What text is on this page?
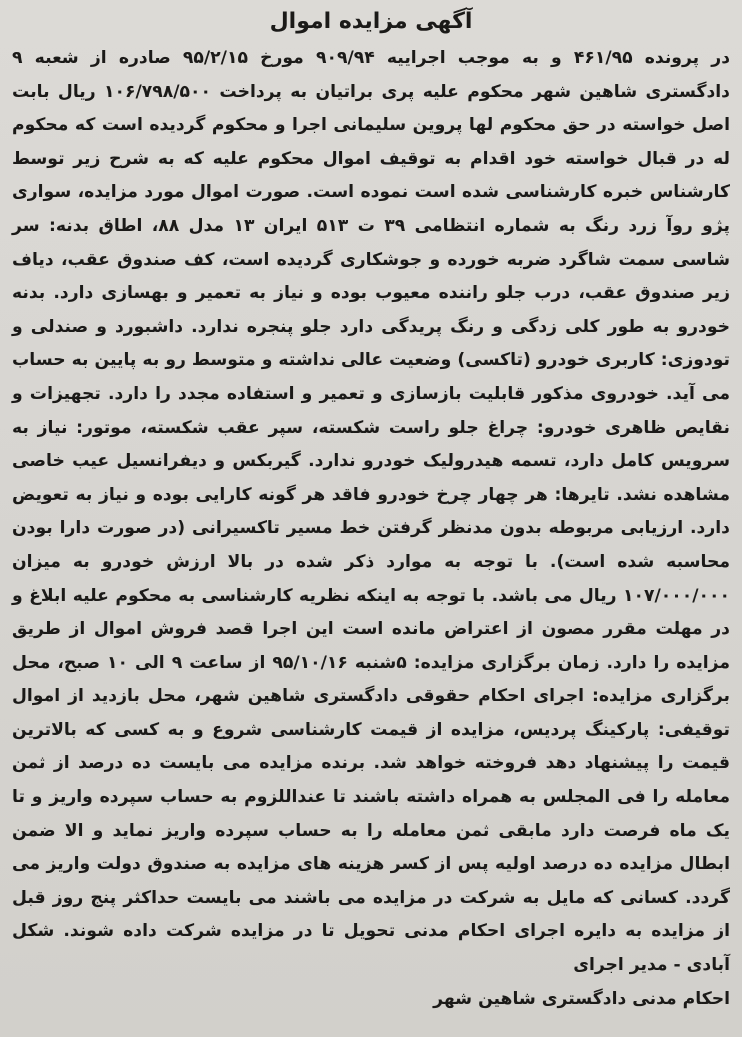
آگهی مزایده اموال

در پرونده ۴۶۱/۹۵ و به موجب اجراییه ۹۰۹/۹۴ مورخ ۹۵/۲/۱۵ صادره از شعبه ۹ دادگستری شاهین شهر محکوم علیه پری براتیان به پرداخت ۱۰۶/۷۹۸/۵۰۰ ریال بابت اصل خواسته در حق محکوم لها پروین سلیمانی اجرا و محکوم گردیده است که محکوم له در قبال خواسته خود اقدام به توقیف اموال محکوم علیه که به شرح زیر توسط کارشناس خبره کارشناسی شده است نموده است. صورت اموال مورد مزایده، سواری پژو روآ زرد رنگ به شماره انتظامی ۳۹ ت ۵۱۳ ایران ۱۳ مدل ۸۸، اطاق بدنه: سر شاسی سمت شاگرد ضربه خورده و جوشکاری گردیده است، کف صندوق عقب، دیاف زیر صندوق عقب، درب جلو راننده معیوب بوده و نیاز به تعمیر و بهسازی دارد. بدنه خودرو به طور کلی زدگی و رنگ پریدگی دارد جلو پنجره ندارد. داشبورد و صندلی و تودوزی: کاربری خودرو (تاکسی) وضعیت عالی نداشته و متوسط رو به پایین به حساب می آید. خودروی مذکور قابلیت بازسازی و تعمیر و استفاده مجدد را دارد. تجهیزات و نقایص ظاهری خودرو: چراغ جلو راست شکسته، سپر عقب شکسته، موتور: نیاز به سرویس کامل دارد، تسمه هیدرولیک خودرو ندارد. گیربکس و دیفرانسیل عیب خاصی مشاهده نشد. تایرها: هر چهار چرخ خودرو فاقد هر گونه کارایی بوده و نیاز به تعویض دارد. ارزیابی مربوطه بدون مدنظر گرفتن خط مسیر تاکسیرانی (در صورت دارا بودن محاسبه شده است). با توجه به موارد ذکر شده در بالا ارزش خودرو به میزان ۱۰۷/۰۰۰/۰۰۰ ریال می باشد. با توجه به اینکه نظریه کارشناسی به محکوم علیه ابلاغ و در مهلت مقرر مصون از اعتراض مانده است این اجرا قصد فروش اموال از طریق مزایده را دارد. زمان برگزاری مزایده: ۵شنبه ۹۵/۱۰/۱۶ از ساعت ۹ الی ۱۰ صبح، محل برگزاری مزایده: اجرای احکام حقوقی دادگستری شاهین شهر، محل بازدید از اموال توقیفی: پارکینگ پردیس، مزایده از قیمت کارشناسی شروع و به کسی که بالاترین قیمت را پیشنهاد دهد فروخته خواهد شد. برنده مزایده می بایست ده درصد از ثمن معامله را فی المجلس به همراه داشته باشند تا عنداللزوم به حساب سپرده واریز و تا یک ماه فرصت دارد مابقی ثمن معامله را به حساب سپرده واریز نماید و الا ضمن ابطال مزایده ده درصد اولیه پس از کسر هزینه های مزایده به صندوق دولت واریز می گردد. کسانی که مایل به شرکت در مزایده می باشند می بایست حداکثر پنج روز قبل از مزایده به دایره اجرای احکام مدنی تحویل تا در مزایده شرکت داده شوند. شکل آبادی - مدیر اجرای

احکام مدنی دادگستری شاهین شهر
